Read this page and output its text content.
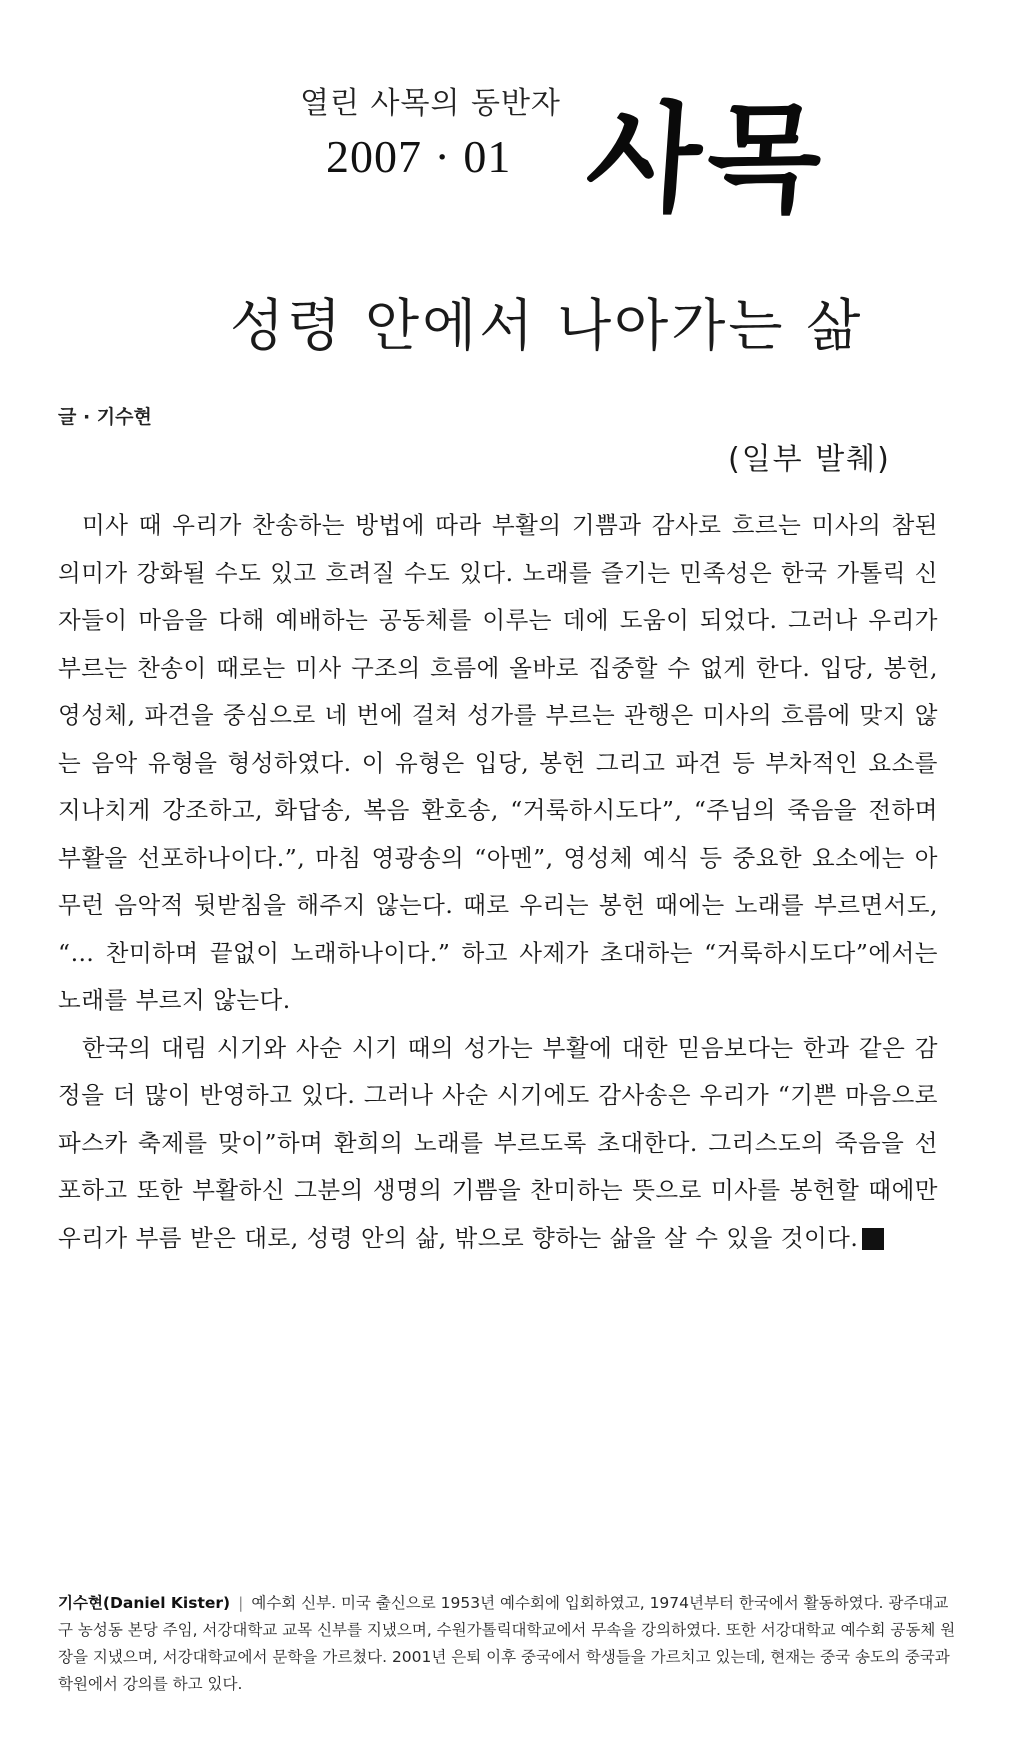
열린 사목의 동반자
2007 · 01 사목
성령 안에서 나아가는 삶
글 · 기수현
(일부 발췌)

미사 때 우리가 찬송하는 방법에 따라 부활의 기쁨과 감사로 흐르는 미사의 참된 의미가 강화될 수도 있고 흐려질 수도 있다. 노래를 즐기는 민족성은 한국 가톨릭 신자들이 마음을 다해 예배하는 공동체를 이루는 데에 도움이 되었다. 그러나 우리가 부르는 찬송이 때로는 미사 구조의 흐름에 올바로 집중할 수 없게 한다. 입당, 봉헌, 영성체, 파견을 중심으로 네 번에 걸쳐 성가를 부르는 관행은 미사의 흐름에 맞지 않는 음악 유형을 형성하였다. 이 유형은 입당, 봉헌 그리고 파견 등 부차적인 요소를 지나치게 강조하고, 화답송, 복음 환호송, “거룩하시도다”, “주님의 죽음을 전하며 부활을 선포하나이다.”, 마침 영광송의 “아멘”, 영성체 예식 등 중요한 요소에는 아무런 음악적 뒷받침을 해주지 않는다. 때로 우리는 봉헌 때에는 노래를 부르면서도, “… 찬미하며 끝없이 노래하나이다.” 하고 사제가 초대하는 “거룩하시도다”에서는 노래를 부르지 않는다.

한국의 대림 시기와 사순 시기 때의 성가는 부활에 대한 믿음보다는 한과 같은 감정을 더 많이 반영하고 있다. 그러나 사순 시기에도 감사송은 우리가 “기쁜 마음으로 파스카 축제를 맞이”하며 환희의 노래를 부르도록 초대한다. 그리스도의 죽음을 선포하고 또한 부활하신 그분의 생명의 기쁨을 찬미하는 뜻으로 미사를 봉헌할 때에만 우리가 부름 받은 대로, 성령 안의 삶, 밖으로 향하는 삶을 살 수 있을 것이다. 9

기수현(Daniel Kister) | 예수회 신부. 미국 출신으로 1953년 예수회에 입회하였고, 1974년부터 한국에서 활동하였다. 광주대교구 농성동 본당 주임, 서강대학교 교목 신부를 지냈으며, 수원가톨릭대학교에서 무속을 강의하였다. 또한 서강대학교 예수회 공동체 원장을 지냈으며, 서강대학교에서 문학을 가르쳤다. 2001년 은퇴 이후 중국에서 학생들을 가르치고 있는데, 현재는 중국 송도의 중국과학원에서 강의를 하고 있다.
